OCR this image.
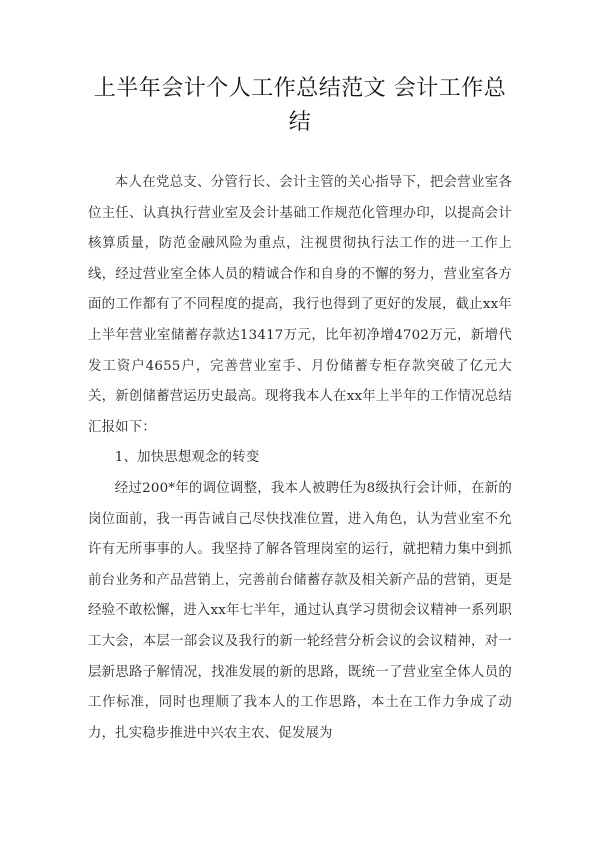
上半年会计个人工作总结范文 会计工作总结

本人在党总支、分管行长、会计主管的关心指导下，把会营业室各位主任、认真执行营业室及会计基础工作规范化管理办印，以提高会计核算质量，防范金融风险为重点，注视贯彻执行法工作的进一工作上线，经过营业室全体人员的精诚合作和自身的不懈的努力，营业室各方面的工作都有了不同程度的提高，我行也得到了更好的发展，截止xx年上半年营业室储蓄存款达13417万元，比年初净增4702万元，新增代发工资户4655户，完善营业室手、月份储蓄专柜存款突破了亿元大关，新创储蓄营运历史最高。现将我本人在xx年上半年的工作情况总结汇报如下：

1、加快思想观念的转变

经过200*年的调位调整，我本人被聘任为8级执行会计师，在新的岗位面前，我一再告诫自己尽快找准位置，进入角色，认为营业室不允许有无所事事的人。我坚持了解各管理岗室的运行，就把精力集中到抓前台业务和产品营销上，完善前台储蓄存款及相关新产品的营销，更是经验不敢松懈，进入xx年七半年，通过认真学习贯彻会议精神一系列职工大会，本层一部会议及我行的新一轮经营分析会议的会议精神，对一层新思路子解情况，找准发展的新的思路，既统一了营业室全体人员的工作标准，同时也理顺了我本人的工作思路，本土在工作力争成了动力，扎实稳步推进中兴农主农、促发展为
